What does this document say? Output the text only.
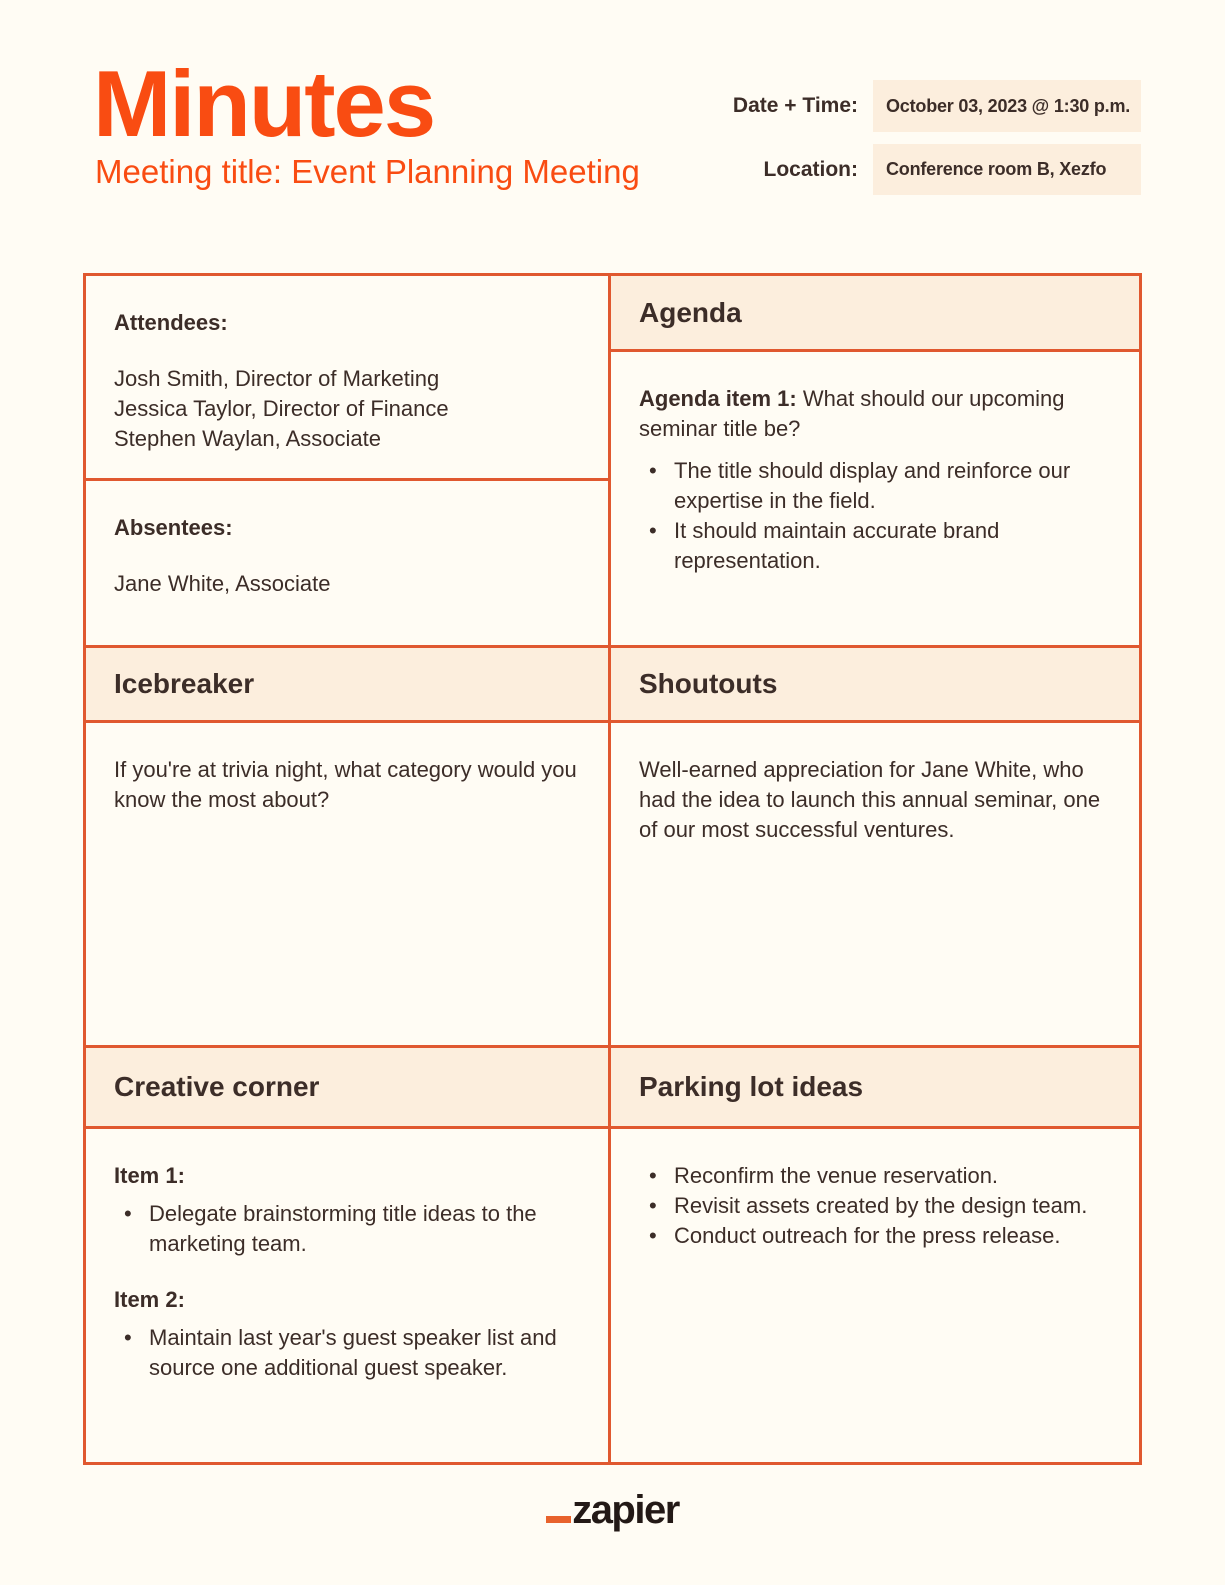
Minutes
Meeting title: Event Planning Meeting
Date + Time: October 03, 2023 @ 1:30 p.m.
Location: Conference room B, Xezfo
Attendees:
Josh Smith, Director of Marketing
Jessica Taylor, Director of Finance
Stephen Waylan, Associate
Absentees:
Jane White, Associate
Icebreaker

If you're at trivia night, what category would you know the most about?

Creative corner
Item 1:
• Delegate brainstorming title ideas to the marketing team.
Item 2:
• Maintain last year's guest speaker list and source one additional guest speaker.
Agenda

Agenda item 1: What should our upcoming seminar title be?

• The title should display and reinforce our expertise in the field.
• It should maintain accurate brand representation.
Shoutouts

Well-earned appreciation for Jane White, who had the idea to launch this annual seminar, one of our most successful ventures.

Parking lot ideas
• Reconfirm the venue reservation.
• Revisit assets created by the design team.
• Conduct outreach for the press release.
zapier
